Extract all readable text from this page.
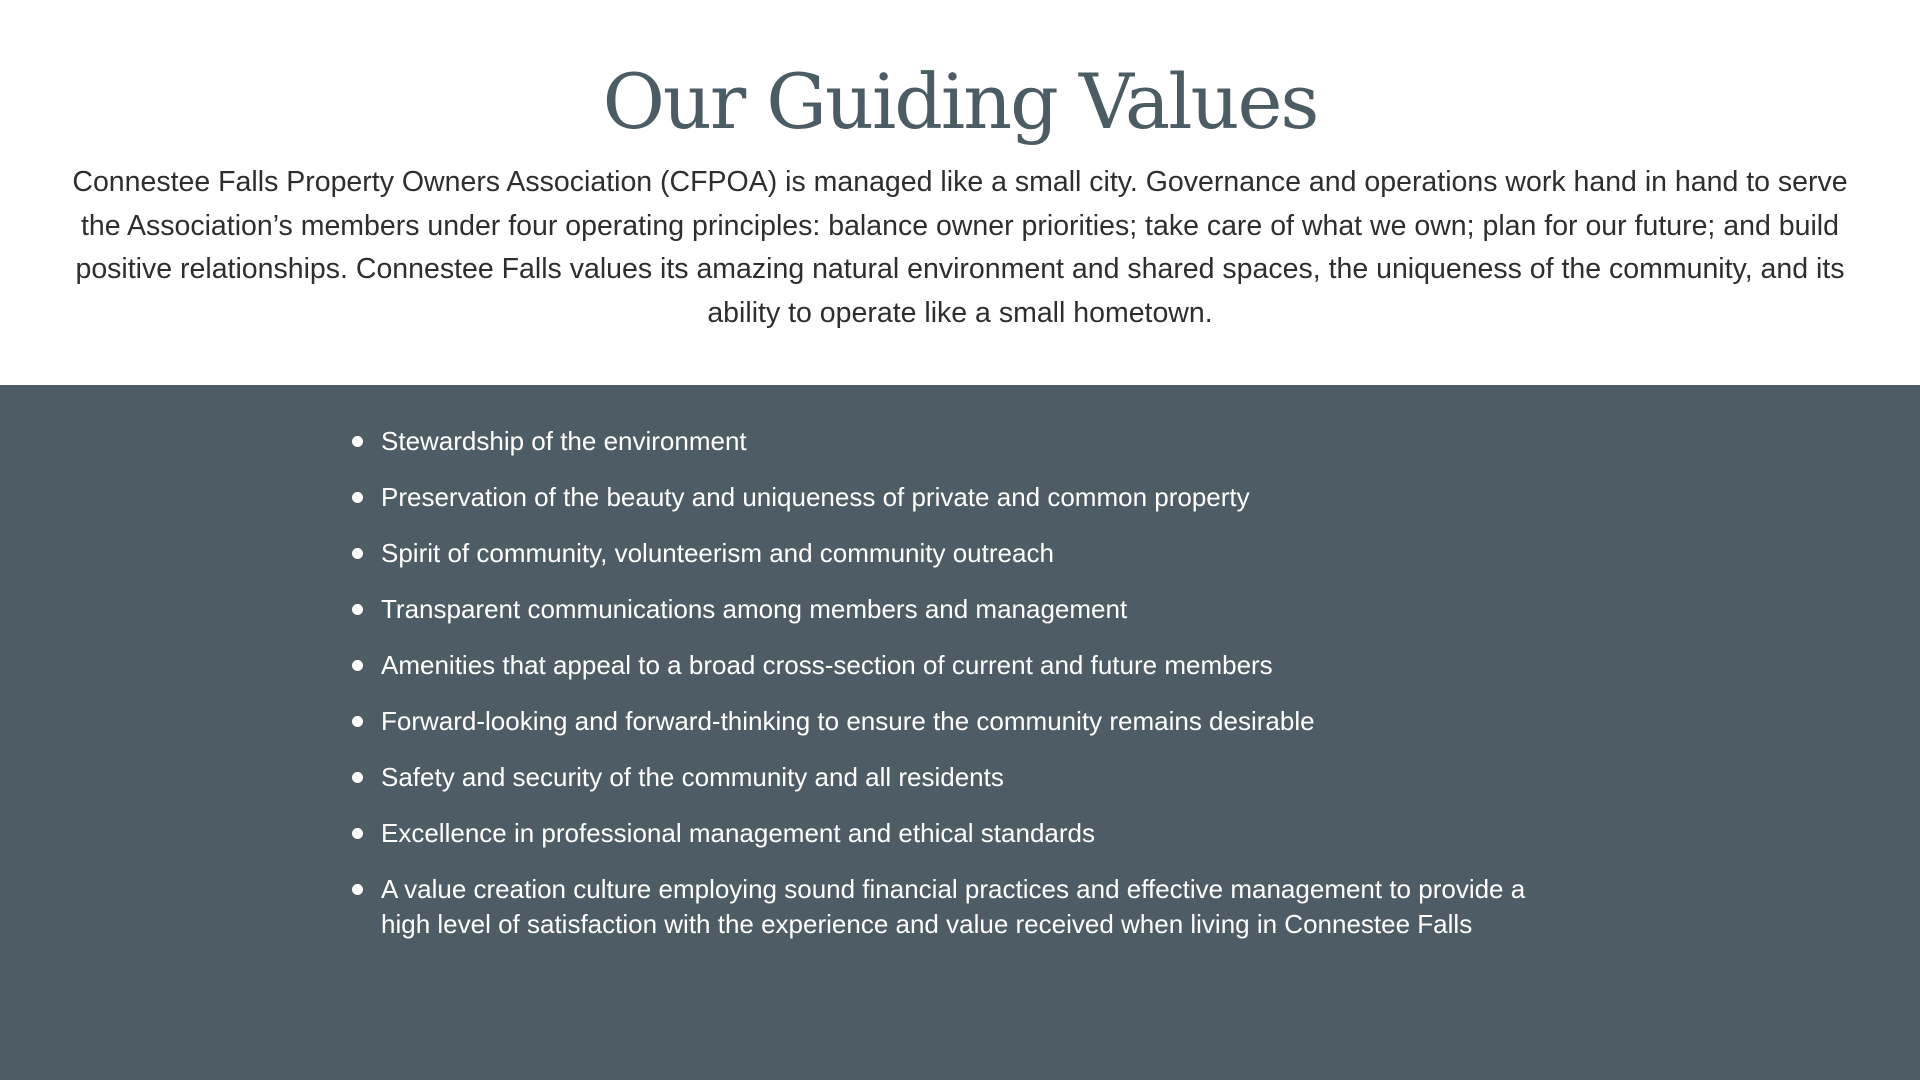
Our Guiding Values

Connestee Falls Property Owners Association (CFPOA) is managed like a small city. Governance and operations work hand in hand to serve the Association’s members under four operating principles: balance owner priorities; take care of what we own; plan for our future; and build positive relationships. Connestee Falls values its amazing natural environment and shared spaces, the uniqueness of the community, and its ability to operate like a small hometown.

Stewardship of the environment
Preservation of the beauty and uniqueness of private and common property
Spirit of community, volunteerism and community outreach
Transparent communications among members and management
Amenities that appeal to a broad cross-section of current and future members
Forward-looking and forward-thinking to ensure the community remains desirable
Safety and security of the community and all residents
Excellence in professional management and ethical standards
A value creation culture employing sound financial practices and effective management to provide a high level of satisfaction with the experience and value received when living in Connestee Falls
